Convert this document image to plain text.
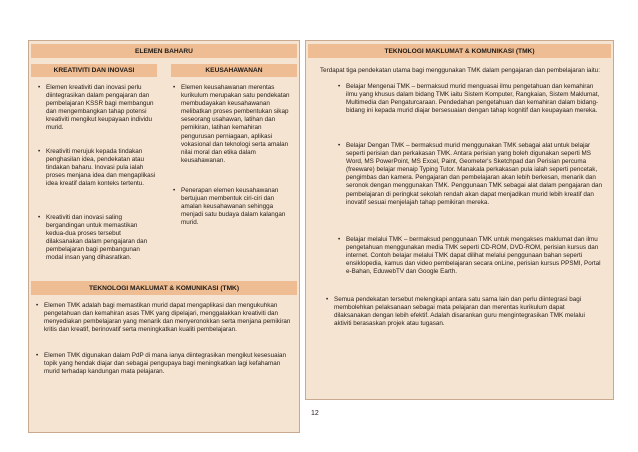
ELEMEN BAHARU
KREATIVITI DAN INOVASI	KEUSAHAWANAN
• Elemen kreativiti dan inovasi perlu diintegrasikan dalam pengajaran dan pembelajaran KSSR bagi membangun dan mengembangkan tahap potensi kreativiti mengikut keupayaan individu murid.
• Kreativiti merujuk kepada tindakan penghasilan idea, pendekatan atau tindakan baharu. Inovasi pula ialah proses menjana idea dan mengaplikasi idea kreatif dalam konteks tertentu.
• Kreativiti dan inovasi saling bergandingan untuk memastikan kedua-dua proses tersebut dilaksanakan dalam pengajaran dan pembelajaran bagi pembangunan modal insan yang dihasratkan.
• Elemen keusahawanan merentas kurikulum merupakan satu pendekatan membudayakan keusahawanan melibatkan proses pembentukan sikap seseorang usahawan, latihan dan pemikiran, latihan kemahiran pengurusan perniagaan, aplikasi vokasional dan teknologi serta amalan nilai moral dan etika dalam keusahawanan.
• Penerapan elemen keusahawanan bertujuan membentuk ciri-ciri dan amalan keusahawanan sehingga menjadi satu budaya dalam kalangan murid.
TEKNOLOGI MAKLUMAT & KOMUNIKASI (TMK)
• Elemen TMK adalah bagi memastikan murid dapat mengaplikasi dan mengukuhkan pengetahuan dan kemahiran asas TMK yang dipelajari, menggalakkan kreativiti dan menyediakan pembelajaran yang menarik dan menyeronokkan serta menjana pemikiran kritis dan kreatif, berinovatif serta meningkatkan kualiti pembelajaran.
• Elemen TMK digunakan dalam PdP di mana ianya diintegrasikan mengikut kesesuaian topik yang hendak diajar dan sebagai pengupaya bagi meningkatkan lagi kefahaman murid terhadap kandungan mata pelajaran.
TEKNOLOGI MAKLUMAT & KOMUNIKASI (TMK)
Terdapat tiga pendekatan utama bagi menggunakan TMK dalam pengajaran dan pembelajaran iaitu:
• Belajar Mengenai TMK – bermaksud murid menguasai ilmu pengetahuan dan kemahiran ilmu yang khusus dalam bidang TMK iaitu Sistem Komputer, Rangkaian, Sistem Maklumat, Multimedia dan Pengaturcaraan. Pendedahan pengetahuan dan kemahiran dalam bidang-bidang ini kepada murid diajar bersesuaian dengan tahap kognitif dan keupayaan mereka.
• Belajar Dengan TMK – bermaksud murid menggunakan TMK sebagai alat untuk belajar seperti perisian dan perkakasan TMK. Antara perisian yang boleh digunakan seperti MS Word, MS PowerPoint, MS Excel, Paint, Geometer's Sketchpad dan Perisian percuma (freeware) belajar menaip Typing Tutor. Manakala perkakasan pula ialah seperti pencetak, pengimbas dan kamera. Pengajaran dan pembelajaran akan lebih berkesan, menarik dan seronok dengan menggunakan TMK. Penggunaan TMK sebagai alat dalam pengajaran dan pembelajaran di peringkat sekolah rendah akan dapat menjadikan murid lebih kreatif dan inovatif sesuai menjelajah tahap pemikiran mereka.
• Belajar melalui TMK – bermaksud penggunaan TMK untuk mengakses maklumat dan ilmu pengetahuan menggunakan media TMK seperti CD-ROM, DVD-ROM, perisian kursus dan internet. Contoh belajar melalui TMK dapat dilihat melalui penggunaan bahan seperti ensiklopedia, kamus dan video pembelajaran secara onLine, perisian kursus PPSMI, Portal e-Bahan, EduwebTV dan Google Earth.
• Semua pendekatan tersebut melengkapi antara satu sama lain dan perlu diintegrasi bagi membolehkan pelaksanaan sebagai mata pelajaran dan merentas kurikulum dapat dilaksanakan dengan lebih efektif. Adalah disarankan guru mengintegrasikan TMK melalui aktiviti berasaskan projek atau tugasan.
12
